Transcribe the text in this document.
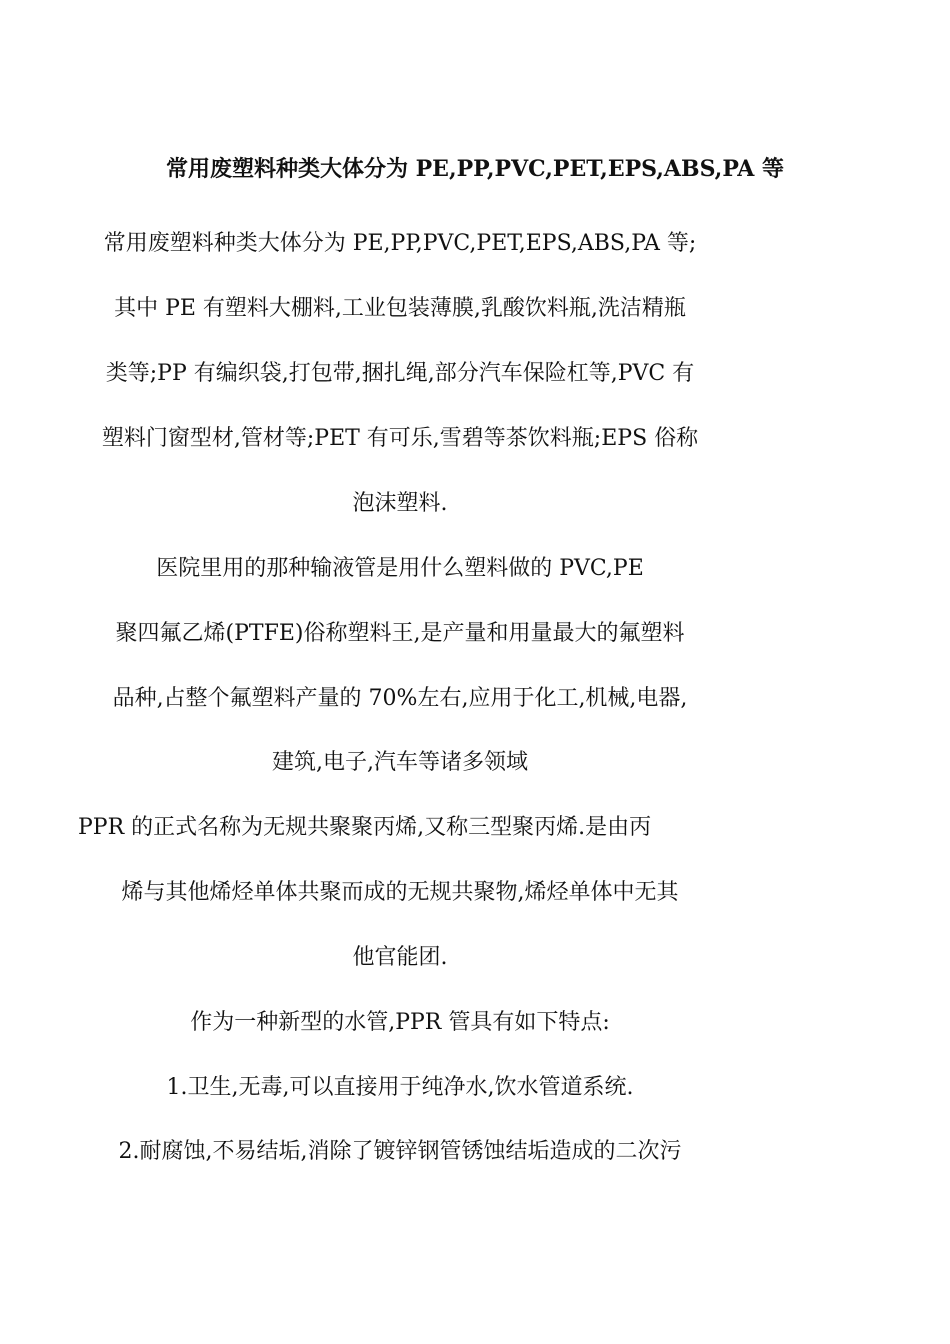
常用废塑料种类大体分为 PE,PP,PVC,PET,EPS,ABS,PA 等
常用废塑料种类大体分为 PE,PP,PVC,PET,EPS,ABS,PA 等;
其中 PE 有塑料大棚料,工业包装薄膜,乳酸饮料瓶,洗洁精瓶
类等;PP 有编织袋,打包带,捆扎绳,部分汽车保险杠等,PVC 有
塑料门窗型材,管材等;PET 有可乐,雪碧等茶饮料瓶;EPS 俗称
泡沫塑料.
医院里用的那种输液管是用什么塑料做的 PVC,PE
聚四氟乙烯(PTFE)俗称塑料王,是产量和用量最大的氟塑料
品种,占整个氟塑料产量的 70%左右,应用于化工,机械,电器,
建筑,电子,汽车等诸多领域
PPR 的正式名称为无规共聚聚丙烯,又称三型聚丙烯.是由丙
烯与其他烯烃单体共聚而成的无规共聚物,烯烃单体中无其
他官能团.
作为一种新型的水管,PPR 管具有如下特点:
1.卫生,无毒,可以直接用于纯净水,饮水管道系统.
2.耐腐蚀,不易结垢,消除了镀锌钢管锈蚀结垢造成的二次污
